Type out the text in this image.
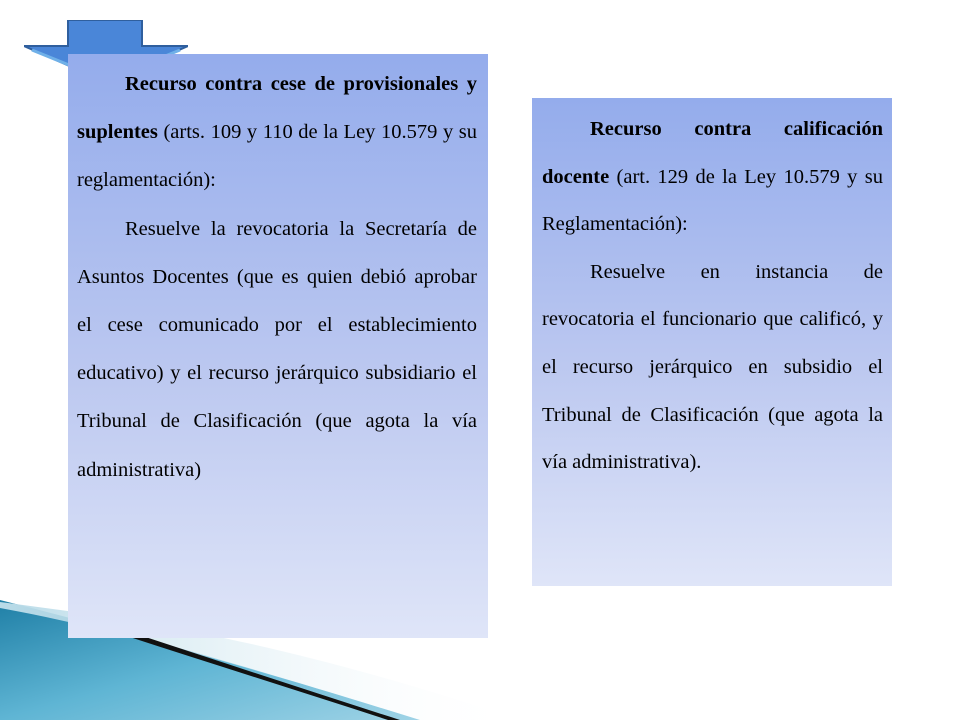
Recurso contra cese de provisionales y suplentes (arts. 109 y 110 de la Ley 10.579 y su reglamentación):

Resuelve la revocatoria la Secretaría de Asuntos Docentes (que es quien debió aprobar el cese comunicado por el establecimiento educativo) y el recurso jerárquico subsidiario el Tribunal de Clasificación (que agota la vía administrativa)

Recurso contra calificación docente (art. 129 de la Ley 10.579 y su Reglamentación):

Resuelve en instancia de revocatoria el funcionario que calificó, y el recurso jerárquico en subsidio el Tribunal de Clasificación (que agota la vía administrativa).
